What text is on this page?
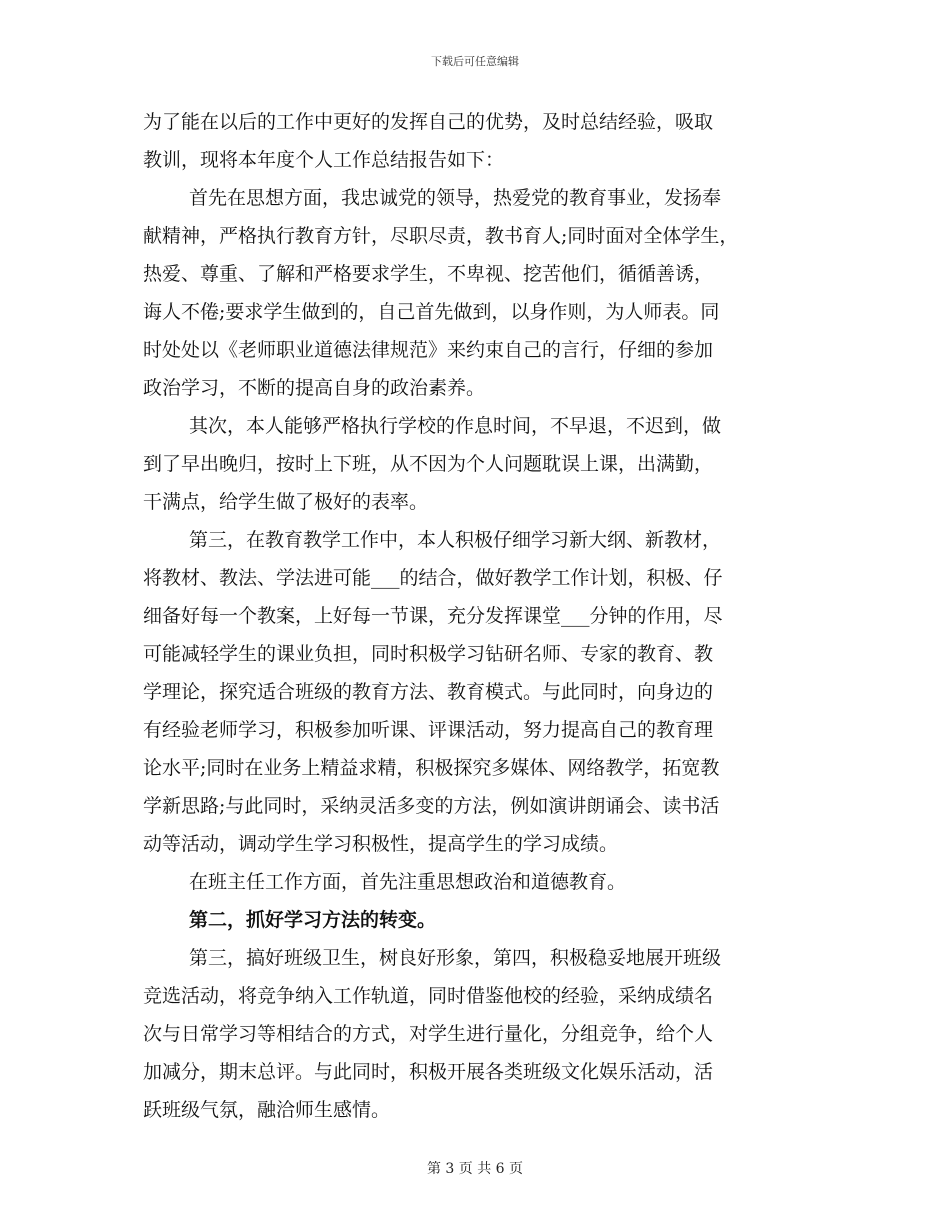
下载后可任意编辑
为了能在以后的工作中更好的发挥自己的优势，及时总结经验，吸取
教训，现将本年度个人工作总结报告如下：
首先在思想方面，我忠诚党的领导，热爱党的教育事业，发扬奉
献精神，严格执行教育方针，尽职尽责，教书育人;同时面对全体学生，
热爱、尊重、了解和严格要求学生，不卑视、挖苦他们，循循善诱，
诲人不倦;要求学生做到的，自己首先做到，以身作则，为人师表。同
时处处以《老师职业道德法律规范》来约束自己的言行，仔细的参加
政治学习，不断的提高自身的政治素养。
其次，本人能够严格执行学校的作息时间，不早退，不迟到，做
到了早出晚归，按时上下班，从不因为个人问题耽误上课，出满勤，
干满点，给学生做了极好的表率。
第三，在教育教学工作中，本人积极仔细学习新大纲、新教材，
将教材、教法、学法进可能___的结合，做好教学工作计划，积极、仔
细备好每一个教案，上好每一节课，充分发挥课堂___分钟的作用，尽
可能减轻学生的课业负担，同时积极学习钻研名师、专家的教育、教
学理论，探究适合班级的教育方法、教育模式。与此同时，向身边的
有经验老师学习，积极参加听课、评课活动，努力提高自己的教育理
论水平;同时在业务上精益求精，积极探究多媒体、网络教学，拓宽教
学新思路;与此同时，采纳灵活多变的方法，例如演讲朗诵会、读书活
动等活动，调动学生学习积极性，提高学生的学习成绩。
在班主任工作方面，首先注重思想政治和道德教育。
第二，抓好学习方法的转变。
第三，搞好班级卫生，树良好形象，第四，积极稳妥地展开班级
竞选活动，将竞争纳入工作轨道，同时借鉴他校的经验，采纳成绩名
次与日常学习等相结合的方式，对学生进行量化，分组竞争，给个人
加减分，期末总评。与此同时，积极开展各类班级文化娱乐活动，活
跃班级气氛，融洽师生感情。
第 3 页 共 6 页
